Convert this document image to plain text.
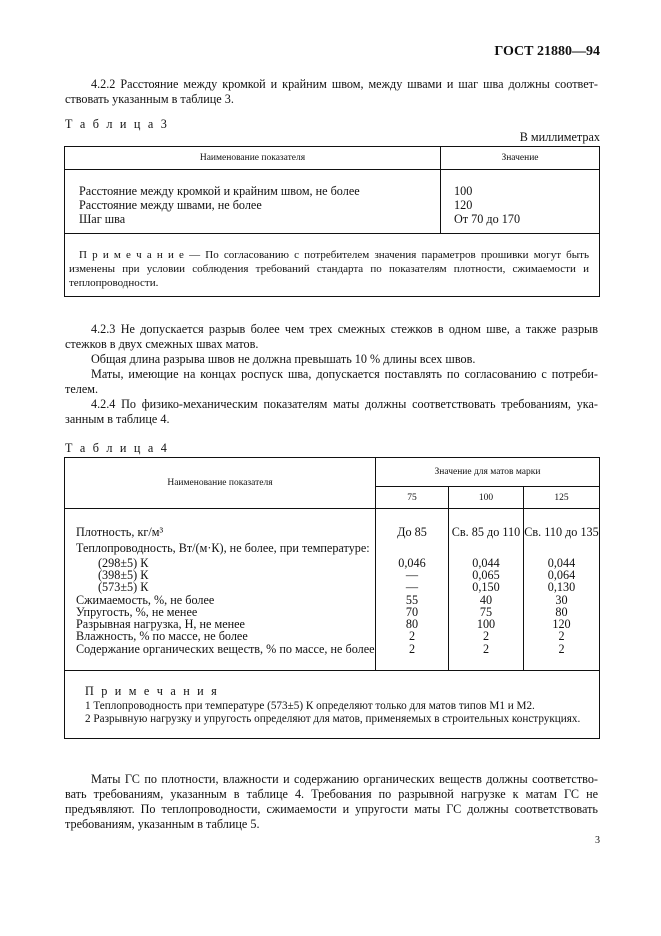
ГОСТ 21880—94
4.2.2 Расстояние между кромкой и крайним швом, между швами и шаг шва должны соответ-
ствовать указанным в таблице 3.
Т а б л и ц а 3
В миллиметрах
Наименование показателя	Значение
Расстояние между кромкой и крайним швом, не более	100
Расстояние между швами, не более	120
Шаг шва	От 70 до 170
П р и м е ч а н и е — По согласованию с потребителем значения параметров прошивки могут быть
изменены при условии соблюдения требований стандарта по показателям плотности, сжимаемости и
теплопроводности.
4.2.3 Не допускается разрыв более чем трех смежных стежков в одном шве, а также разрыв
стежков в двух смежных швах матов.
Общая длина разрыва швов не должна превышать 10 % длины всех швов.
Маты, имеющие на концах роспуск шва, допускается поставлять по согласованию с потреби-
телем.
4.2.4 По физико-механическим показателям маты должны соответствовать требованиям, ука-
занным в таблице 4.
Т а б л и ц а 4
Наименование показателя
Значение для матов марки
75	100	125
Плотность, кг/м³	До 85	Св. 85 до 110 Св. 110 до 135
Теплопроводность, Вт/(м·К), не более, при температуре:
(298±5) К	0,046	0,044	0,044
(398±5) К	—	0,065	0,064
(573±5) К	—	0,150	0,130
Сжимаемость, %, не более	55	40	30
Упругость, %, не менее	70	75	80
Разрывная нагрузка, Н, не менее	80	100	120
Влажность, % по массе, не более	2	2	2
Содержание органических веществ, % по массе, не более	2	2	2
П р и м е ч а н и я
1 Теплопроводность при температуре (573±5) К определяют только для матов типов М1 и М2.
2 Разрывную нагрузку и упругость определяют для матов, применяемых в строительных конструкциях.
Маты ГС по плотности, влажности и содержанию органических веществ должны соответство-
вать требованиям, указанным в таблице 4. Требования по разрывной нагрузке к матам ГС не
предъявляют. По теплопроводности, сжимаемости и упругости маты ГС должны соответствовать
требованиям, указанным в таблице 5.
3
